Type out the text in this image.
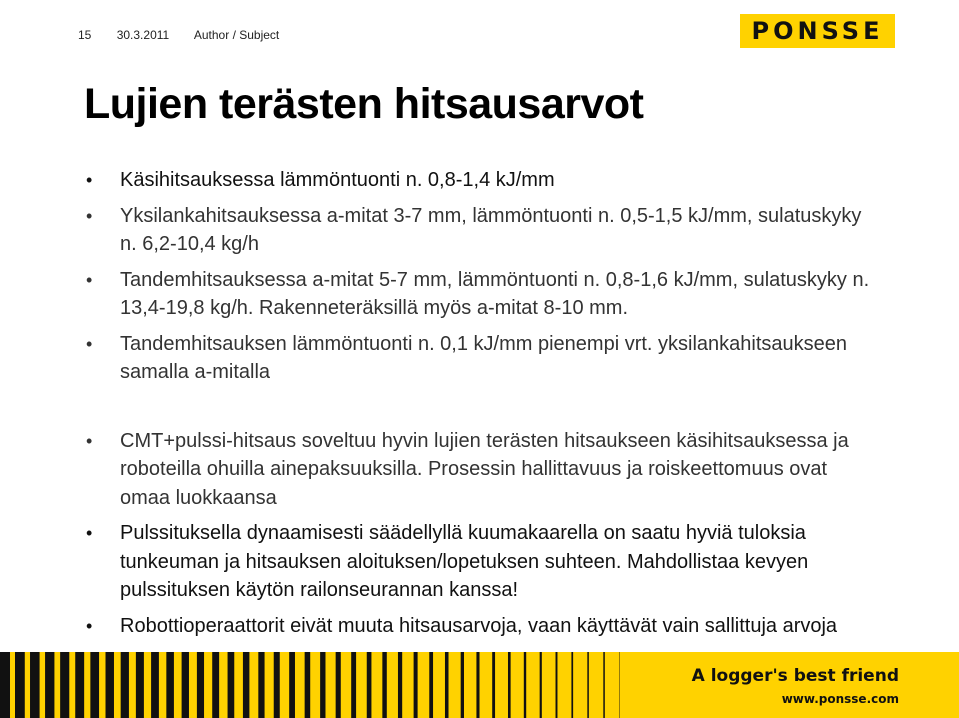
15 30.3.2011 Author / Subject	PONSSE
Lujien terästen hitsausarvot
• Käsihitsauksessa lämmöntuonti n. 0,8-1,4 kJ/mm
• Yksilankahitsauksessa a-mitat 3-7 mm, lämmöntuonti n. 0,5-1,5 kJ/mm, sulatuskyky n. 6,2-10,4 kg/h
• Tandemhitsauksessa a-mitat 5-7 mm, lämmöntuonti n. 0,8-1,6 kJ/mm, sulatuskyky n. 13,4-19,8 kg/h. Rakenneteräksillä myös a-mitat 8-10 mm.
• Tandemhitsauksen lämmöntuonti n. 0,1 kJ/mm pienempi vrt. yksilankahitsaukseen samalla a-mitalla
• CMT+pulssi-hitsaus soveltuu hyvin lujien terästen hitsaukseen käsihitsauksessa ja roboteilla ohuilla ainepaksuuksilla. Prosessin hallittavuus ja roiskeettomuus ovat omaa luokkaansa
• Pulssituksella dynaamisesti säädellyllä kuumakaarella on saatu hyviä tuloksia tunkeuman ja hitsauksen aloituksen/lopetuksen suhteen. Mahdollistaa kevyen pulssituksen käytön railonseurannan kanssa!
• Robottioperaattorit eivät muuta hitsausarvoja, vaan käyttävät vain sallittuja arvoja
A logger's best friend
www.ponsse.com
